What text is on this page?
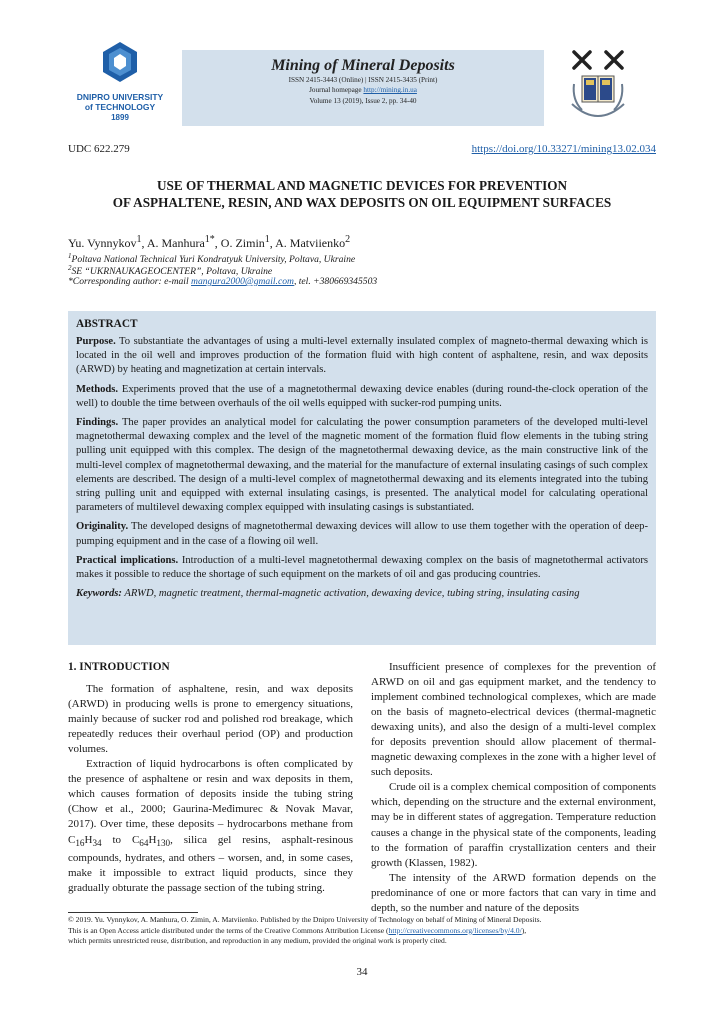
DNIPRO UNIVERSITY
of TECHNOLOGY
1899
Mining of Mineral Deposits
ISSN 2415-3443 (Online) | ISSN 2415-3435 (Print)
Journal homepage http://mining.in.ua
Volume 13 (2019), Issue 2, pp. 34-40
UDC 622.279	https://doi.org/10.33271/mining13.02.034
USE OF THERMAL AND MAGNETIC DEVICES FOR PREVENTION
OF ASPHALTENE, RESIN, AND WAX DEPOSITS ON OIL EQUIPMENT SURFACES
Yu. Vynnykov$^1$, A. Manhura$^{1*}$, O. Zimin$^1$, A. Matviienko$^2$
$^1$Poltava National Technical Yuri Kondratyuk University, Poltava, Ukraine
$^2$SE “UKRNAUKAGEOCENTER”, Poltava, Ukraine
*Corresponding author: e-mail mangura2000@gmail.com, tel. +380669345503
ABSTRACT

Purpose. To substantiate the advantages of using a multi-level externally insulated complex of magneto-thermal dewaxing which is located in the oil well and improves production of the formation fluid with high content of asphaltene, resin, and wax deposits (ARWD) by heating and magnetization at certain intervals.

Methods. Experiments proved that the use of a magnetothermal dewaxing device enables (during round-the-clock operation of the well) to double the time between overhauls of the oil wells equipped with sucker-rod pumping units.

Findings. The paper provides an analytical model for calculating the power consumption parameters of the developed multi-level magnetothermal dewaxing complex and the level of the magnetic moment of the formation fluid flow elements in the tubing string pulling unit equipped with this complex. The design of the magnetothermal dewaxing device, as the main constructive link of the multi-level complex of magnetothermal dewaxing, and the material for the manufacture of external insulating casings of such complex elements are described. The design of a multi-level complex of magnetothermal dewaxing and its elements integrated into the tubing string pulling unit and equipped with external insulating casings, is presented. The analytical model for calculating operational parameters of multilevel dewaxing complex equipped with insulating casings is substantiated.

Originality. The developed designs of magnetothermal dewaxing devices will allow to use them together with the operation of deep-pumping equipment and in the case of a flowing oil well.

Practical implications. Introduction of a multi-level magnetothermal dewaxing complex on the basis of magnetothermal activators makes it possible to reduce the shortage of such equipment on the markets of oil and gas producing countries.

Keywords: ARWD, magnetic treatment, thermal-magnetic activation, dewaxing device, tubing string, insulating casing

1. INTRODUCTION

The formation of asphaltene, resin, and wax deposits (ARWD) in producing wells is prone to emergency situations, mainly because of sucker rod and polished rod breakage, which repeatedly reduces their overhaul period (OP) and production volumes.

Extraction of liquid hydrocarbons is often complicated by the presence of asphaltene or resin and wax deposits in them, which causes formation of deposits inside the tubing string (Chow et al., 2000; Gaurina-Međimurec & Novak Mavar, 2017). Over time, these deposits – hydrocarbons methane from $C_{16}H_{34}$ to $C_{64}H_{130}$, silica gel resins, asphalt-resinous compounds, hydrates, and others – worsen, and, in some cases, make it impossible to extract liquid products, since they gradually obturate the passage section of the tubing string.

Insufficient presence of complexes for the prevention of ARWD on oil and gas equipment market, and the tendency to implement combined technological complexes, which are made on the basis of magneto-electrical devices (thermal-magnetic dewaxing units), and also the design of a multi-level complex for deposits prevention should allow placement of thermal-magnetic dewaxing complexes in the zone with a higher level of such deposits.

Crude oil is a complex chemical composition of components which, depending on the structure and the external environment, may be in different states of aggregation. Temperature reduction causes a change in the physical state of the components, leading to the formation of paraffin crystallization centers and their growth (Klassen, 1982).

The intensity of the ARWD formation depends on the predominance of one or more factors that can vary in time and depth, so the number and nature of the deposits

© 2019. Yu. Vynnykov, A. Manhura, O. Zimin, A. Matviienko. Published by the Dnipro University of Technology on behalf of Mining of Mineral Deposits.
This is an Open Access article distributed under the terms of the Creative Commons Attribution License (http://creativecommons.org/licenses/by/4.0/),
which permits unrestricted reuse, distribution, and reproduction in any medium, provided the original work is properly cited.
34
